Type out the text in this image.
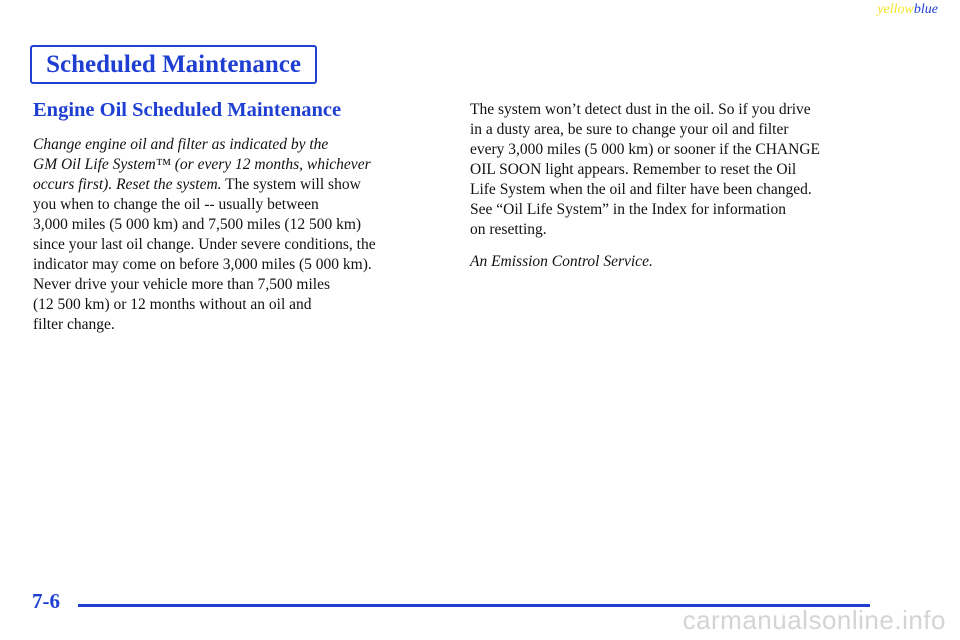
yellowblue
Scheduled Maintenance
Engine Oil Scheduled Maintenance
Change engine oil and filter as indicated by the
GM Oil Life System™ (or every 12 months, whichever
occurs first). Reset the system. The system will show
you when to change the oil -- usually between
3,000 miles (5 000 km) and 7,500 miles (12 500 km)
since your last oil change. Under severe conditions, the
indicator may come on before 3,000 miles (5 000 km).
Never drive your vehicle more than 7,500 miles
(12 500 km) or 12 months without an oil and
filter change.
The system won’t detect dust in the oil. So if you drive
in a dusty area, be sure to change your oil and filter
every 3,000 miles (5 000 km) or sooner if the CHANGE
OIL SOON light appears. Remember to reset the Oil
Life System when the oil and filter have been changed.
See “Oil Life System” in the Index for information
on resetting.

An Emission Control Service.

7-6
carmanualsonline.info
